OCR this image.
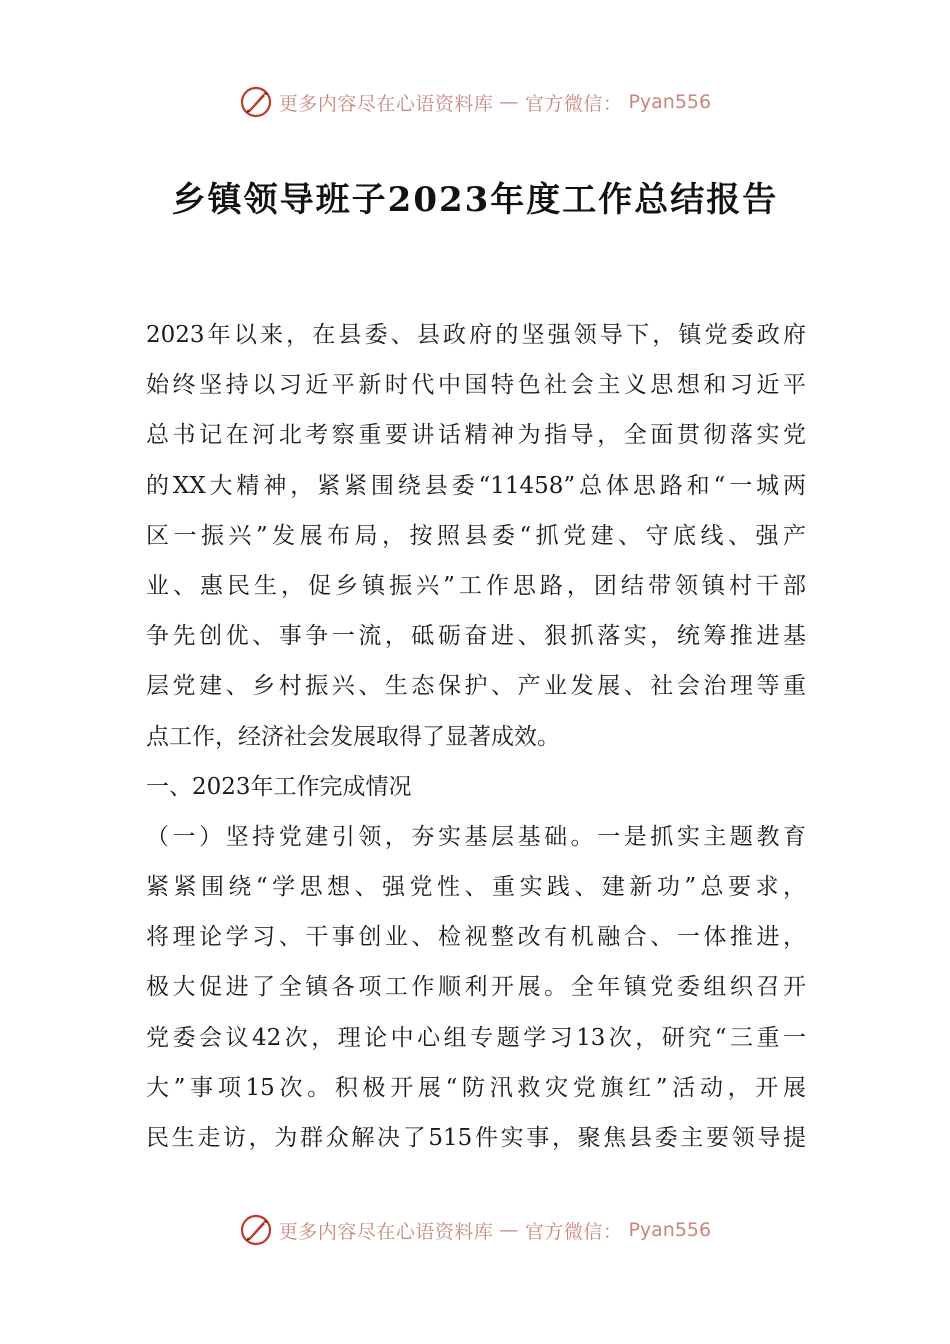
更多内容尽在心语资料库 — 官方微信： Pyan556
乡镇领导班子2023年度工作总结报告
2023年以来，在县委、县政府的坚强领导下，镇党委政府
始终坚持以习近平新时代中国特色社会主义思想和习近平
总书记在河北考察重要讲话精神为指导，全面贯彻落实党
的XX大精神，紧紧围绕县委“11458”总体思路和“一城两
区一振兴”发展布局，按照县委“抓党建、守底线、强产
业、惠民生，促乡镇振兴”工作思路，团结带领镇村干部
争先创优、事争一流，砥砺奋进、狠抓落实，统筹推进基
层党建、乡村振兴、生态保护、产业发展、社会治理等重
点工作，经济社会发展取得了显著成效。
一、2023年工作完成情况
（一）坚持党建引领，夯实基层基础。一是抓实主题教育
紧紧围绕“学思想、强党性、重实践、建新功”总要求，
将理论学习、干事创业、检视整改有机融合、一体推进，
极大促进了全镇各项工作顺利开展。全年镇党委组织召开
党委会议42次，理论中心组专题学习13次，研究“三重一
大”事项15次。积极开展“防汛救灾党旗红”活动，开展
民生走访，为群众解决了515件实事，聚焦县委主要领导提
更多内容尽在心语资料库 — 官方微信： Pyan556
